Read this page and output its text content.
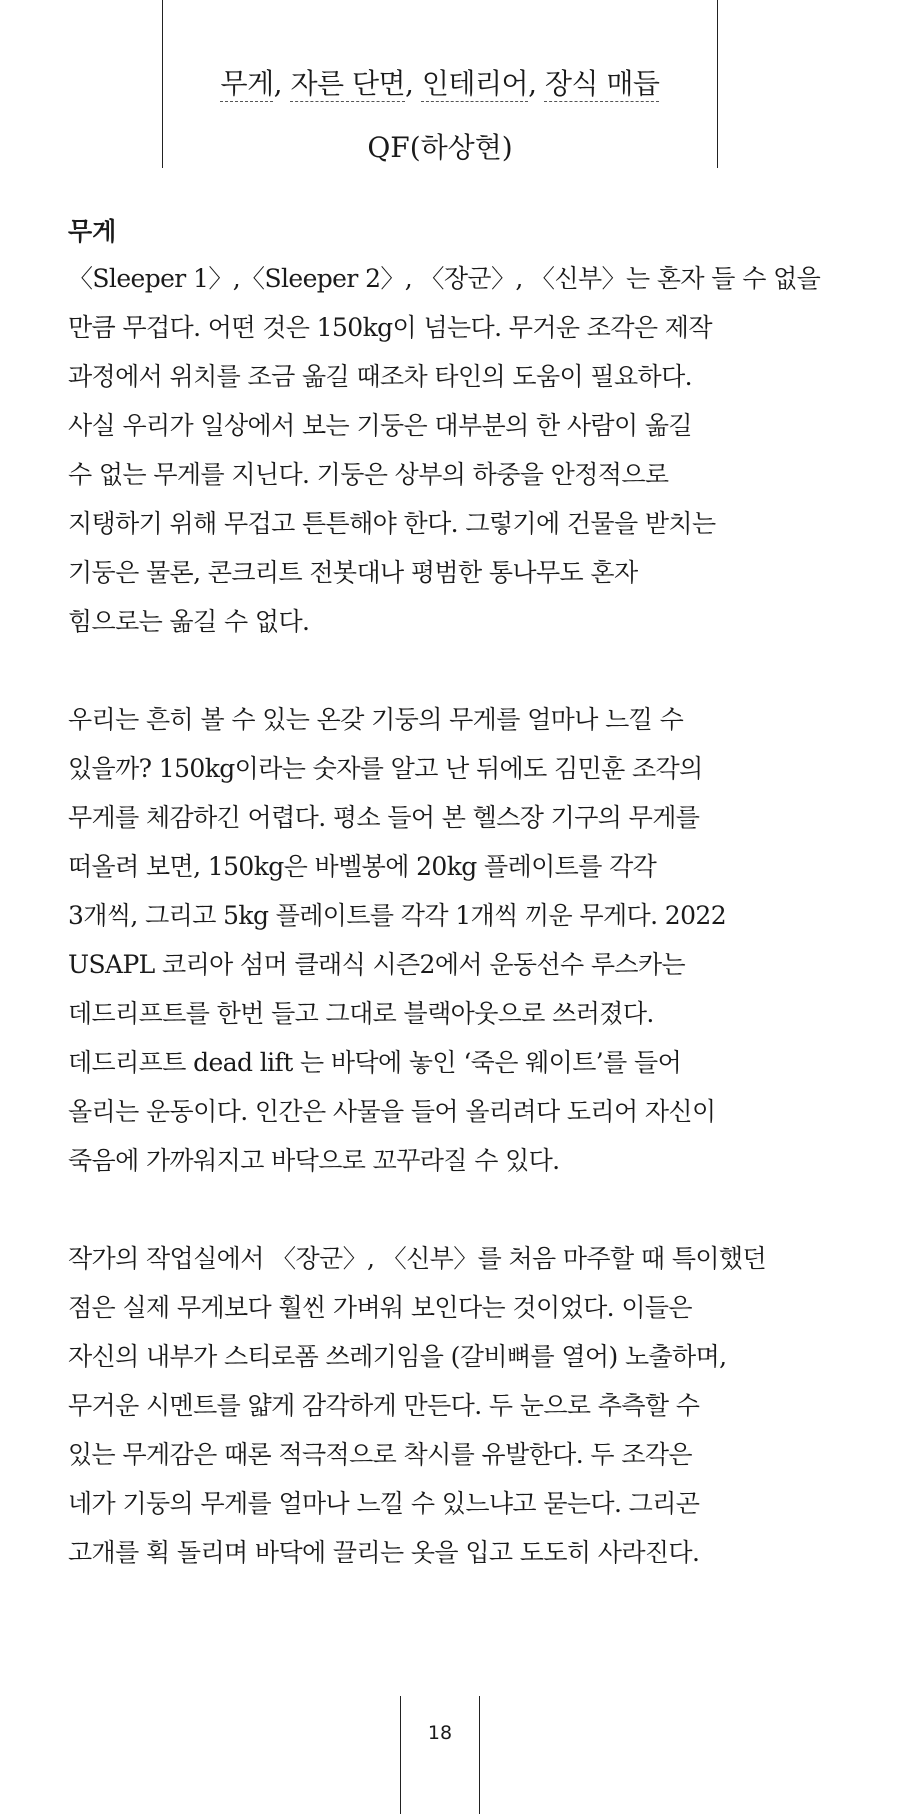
무게, 자른 단면, 인테리어, 장식 매듭
QF(하상현)
무게
〈Sleeper 1〉,〈Sleeper 2〉, 〈장군〉, 〈신부〉는 혼자 들 수 없을
만큼 무겁다. 어떤 것은 150kg이 넘는다. 무거운 조각은 제작
과정에서 위치를 조금 옮길 때조차 타인의 도움이 필요하다.
사실 우리가 일상에서 보는 기둥은 대부분의 한 사람이 옮길
수 없는 무게를 지닌다. 기둥은 상부의 하중을 안정적으로
지탱하기 위해 무겁고 튼튼해야 한다. 그렇기에 건물을 받치는
기둥은 물론, 콘크리트 전봇대나 평범한 통나무도 혼자
힘으로는 옮길 수 없다.
우리는 흔히 볼 수 있는 온갖 기둥의 무게를 얼마나 느낄 수
있을까? 150kg이라는 숫자를 알고 난 뒤에도 김민훈 조각의
무게를 체감하긴 어렵다. 평소 들어 본 헬스장 기구의 무게를
떠올려 보면, 150kg은 바벨봉에 20kg 플레이트를 각각
3개씩, 그리고 5kg 플레이트를 각각 1개씩 끼운 무게다. 2022
USAPL 코리아 섬머 클래식 시즌2에서 운동선수 루스카는
데드리프트를 한번 들고 그대로 블랙아웃으로 쓰러졌다.
데드리프트 dead lift 는 바닥에 놓인 ‘죽은 웨이트’를 들어
올리는 운동이다. 인간은 사물을 들어 올리려다 도리어 자신이
죽음에 가까워지고 바닥으로 꼬꾸라질 수 있다.
작가의 작업실에서 〈장군〉, 〈신부〉를 처음 마주할 때 특이했던
점은 실제 무게보다 훨씬 가벼워 보인다는 것이었다. 이들은
자신의 내부가 스티로폼 쓰레기임을 (갈비뼈를 열어) 노출하며,
무거운 시멘트를 얇게 감각하게 만든다. 두 눈으로 추측할 수
있는 무게감은 때론 적극적으로 착시를 유발한다. 두 조각은
네가 기둥의 무게를 얼마나 느낄 수 있느냐고 묻는다. 그리곤
고개를 획 돌리며 바닥에 끌리는 옷을 입고 도도히 사라진다.
18
